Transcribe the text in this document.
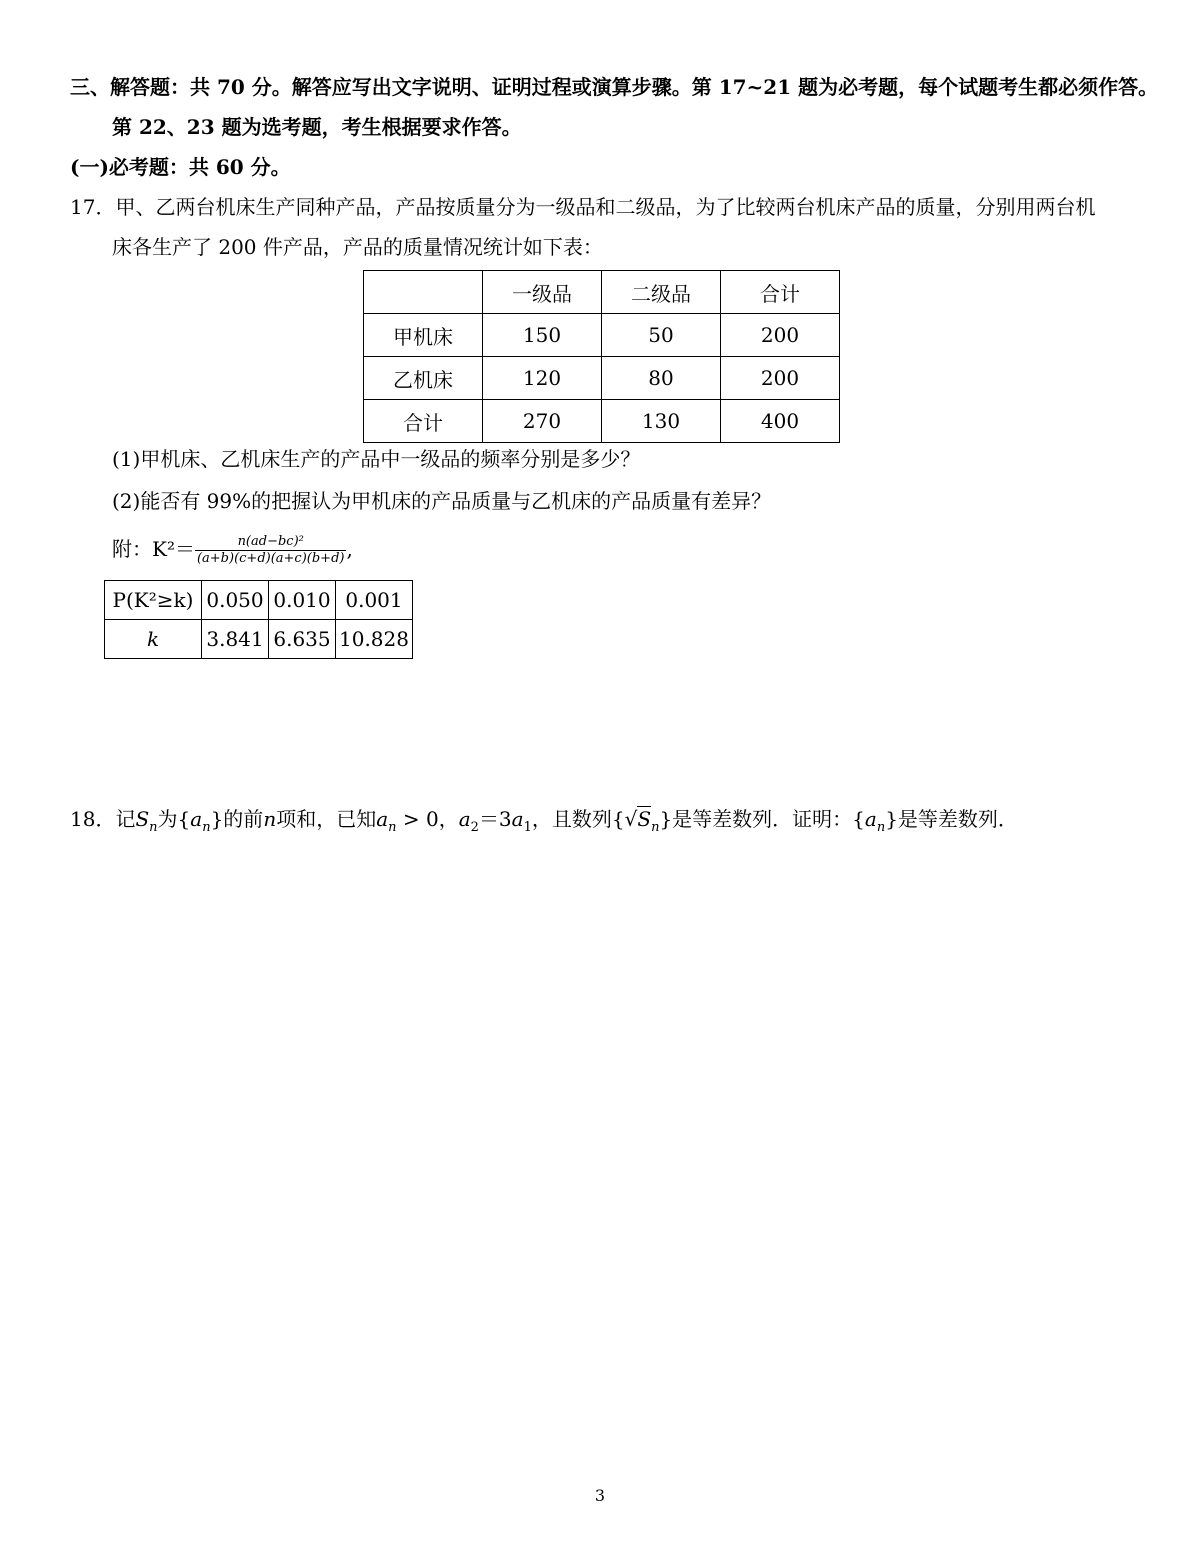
三、解答题：共 70 分。解答应写出文字说明、证明过程或演算步骤。第 17~21 题为必考题，每个试题考生都必须作答。
第 22、23 题为选考题，考生根据要求作答。
(一)必考题：共 60 分。
17．甲、乙两台机床生产同种产品，产品按质量分为一级品和二级品，为了比较两台机床产品的质量，分别用两台机
床各生产了 200 件产品，产品的质量情况统计如下表：
	一级品	二级品	合计
甲机床	150	50	200
乙机床	120	80	200
合计	270	130	400
(1)甲机床、乙机床生产的产品中一级品的频率分别是多少？
(2)能否有 99%的把握认为甲机床的产品质量与乙机床的产品质量有差异？
附：$K^2= \frac{\text{n(ad−bc)²}}{(a+b)(c+d)(a+c)(b+d)}$ ,
P(K²≥k)	0.050	0.010	0.001
k	3.841	6.635	10.828
18．记$S_n$为$\{a_n\}$的前n项和，已知$a_n > 0$，$a_2=3a_1$，且数列$\{√S_n\}$是等差数列．证明：$\{a_n\}$是等差数列．
3
